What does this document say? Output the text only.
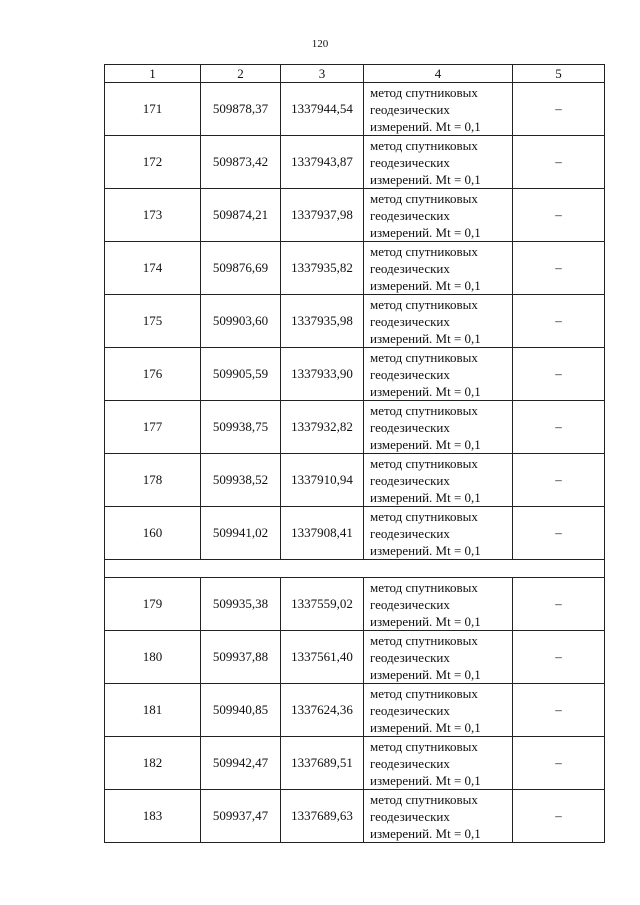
120
1	2	3	4	5
171	509878,37	1337944,54	метод спутниковых
геодезических
измерений. Mt = 0,1	–
172	509873,42	1337943,87	метод спутниковых
геодезических
измерений. Mt = 0,1	–
173	509874,21	1337937,98	метод спутниковых
геодезических
измерений. Mt = 0,1	–
174	509876,69	1337935,82	метод спутниковых
геодезических
измерений. Mt = 0,1	–
175	509903,60	1337935,98	метод спутниковых
геодезических
измерений. Mt = 0,1	–
176	509905,59	1337933,90	метод спутниковых
геодезических
измерений. Mt = 0,1	–
177	509938,75	1337932,82	метод спутниковых
геодезических
измерений. Mt = 0,1	–
178	509938,52	1337910,94	метод спутниковых
геодезических
измерений. Mt = 0,1	–
160	509941,02	1337908,41	метод спутниковых
геодезических
измерений. Mt = 0,1	–

179	509935,38	1337559,02	метод спутниковых
геодезических
измерений. Mt = 0,1	–
180	509937,88	1337561,40	метод спутниковых
геодезических
измерений. Mt = 0,1	–
181	509940,85	1337624,36	метод спутниковых
геодезических
измерений. Mt = 0,1	–
182	509942,47	1337689,51	метод спутниковых
геодезических
измерений. Mt = 0,1	–
183	509937,47	1337689,63	метод спутниковых
геодезических
измерений. Mt = 0,1	–
